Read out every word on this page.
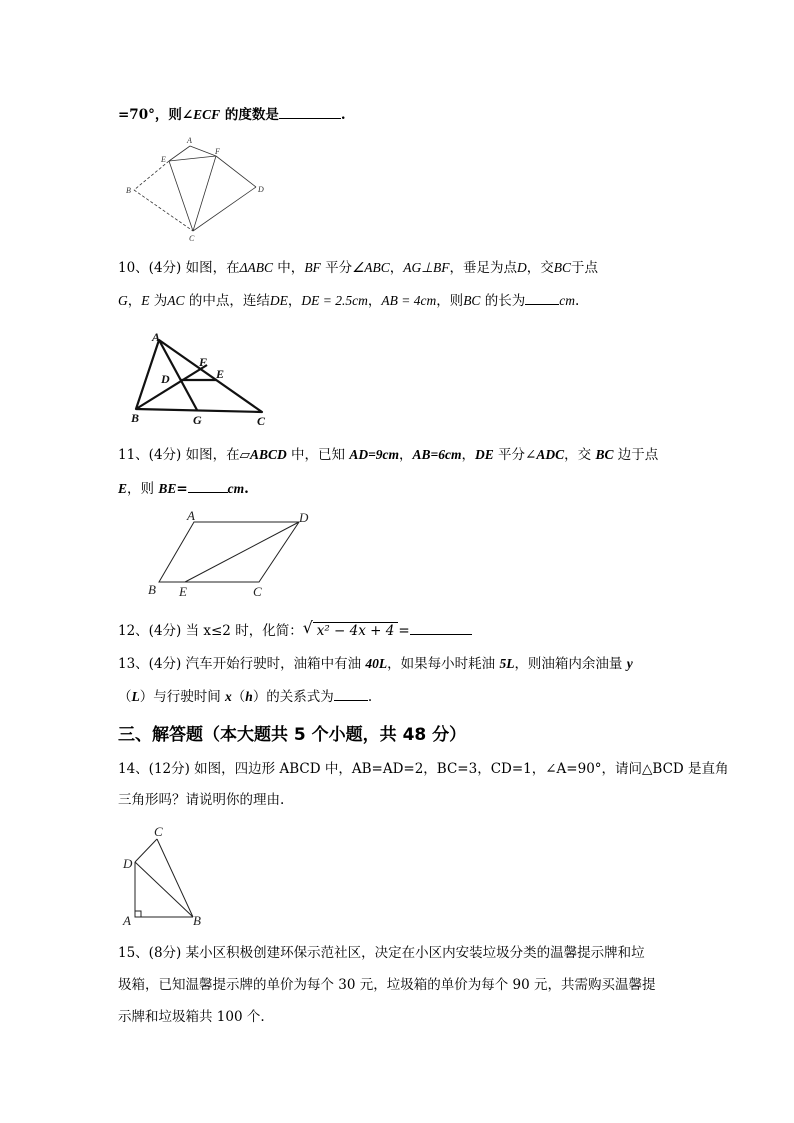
=70°，则∠ECF 的度数是	.
A
E
F
B	D
C
10、(4分) 如图，在ΔABC 中，BF 平分∠ABC，AG⊥BF，垂足为点D，交BC于点
G，E 为AC 的中点，连结DE，DE = 2.5cm，AB = 4cm，则BC 的长为	cm.
A
F
D	E
B	G	C
11、(4分) 如图，在▱ABCD 中，已知 AD=9cm，AB=6cm，DE 平分∠ADC，交 BC 边于点
E，则 BE=	cm.
A	D
B E	C
12、(4分) 当 x≤2 时，化简： √ x² − 4x + 4 =
13、(4分) 汽车开始行驶时，油箱中有油 40L，如果每小时耗油 5L，则油箱内余油量 y
（L）与行驶时间 x（h）的关系式为	.
三、解答题（本大题共 5 个小题，共 48 分）
14、(12分) 如图，四边形 ABCD 中，AB=AD=2，BC=3，CD=1，∠A=90°，请问△BCD 是直角
三角形吗？请说明你的理由.
C
D
A	B
15、(8分) 某小区积极创建环保示范社区，决定在小区内安装垃圾分类的温馨提示牌和垃
圾箱，已知温馨提示牌的单价为每个 30 元，垃圾箱的单价为每个 90 元，共需购买温馨提
示牌和垃圾箱共 100 个.
